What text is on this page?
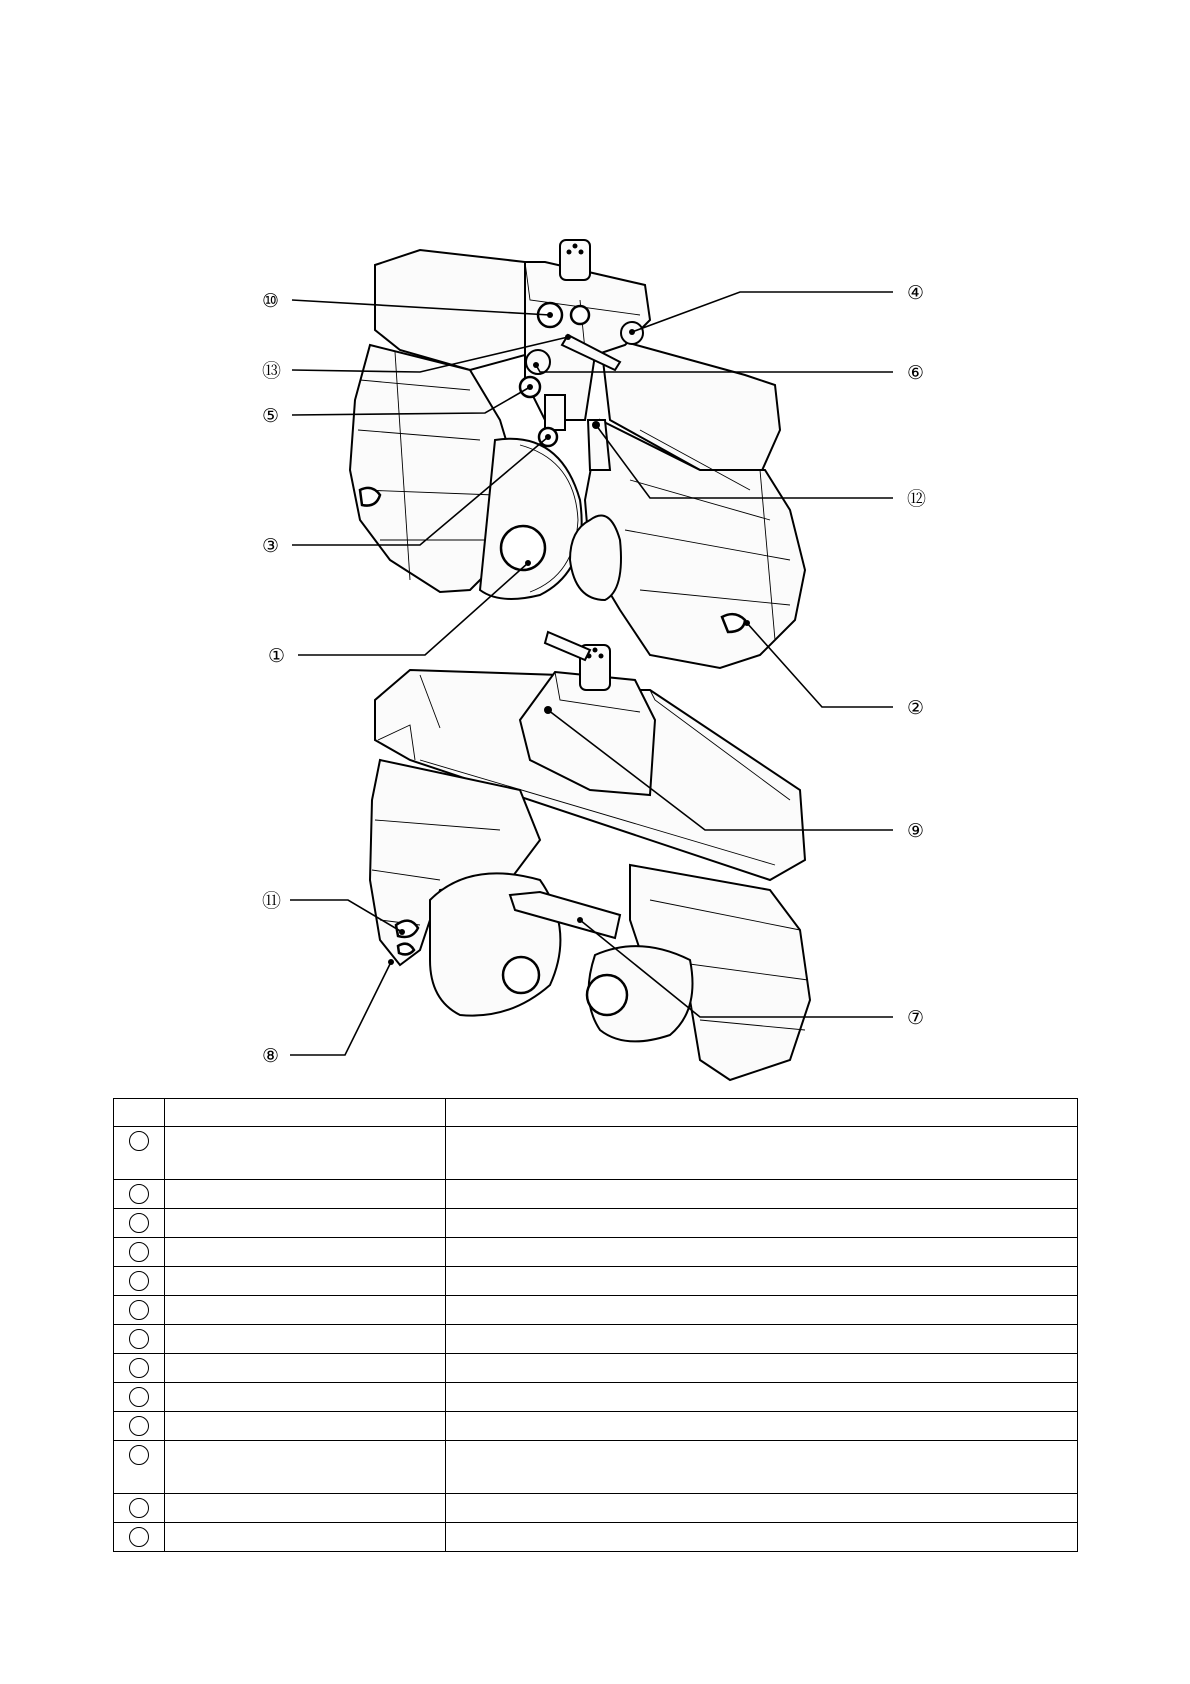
⑩
⑬
⑤
③
①
④
⑥
⑫
②
⑨
⑪
⑦
⑧
